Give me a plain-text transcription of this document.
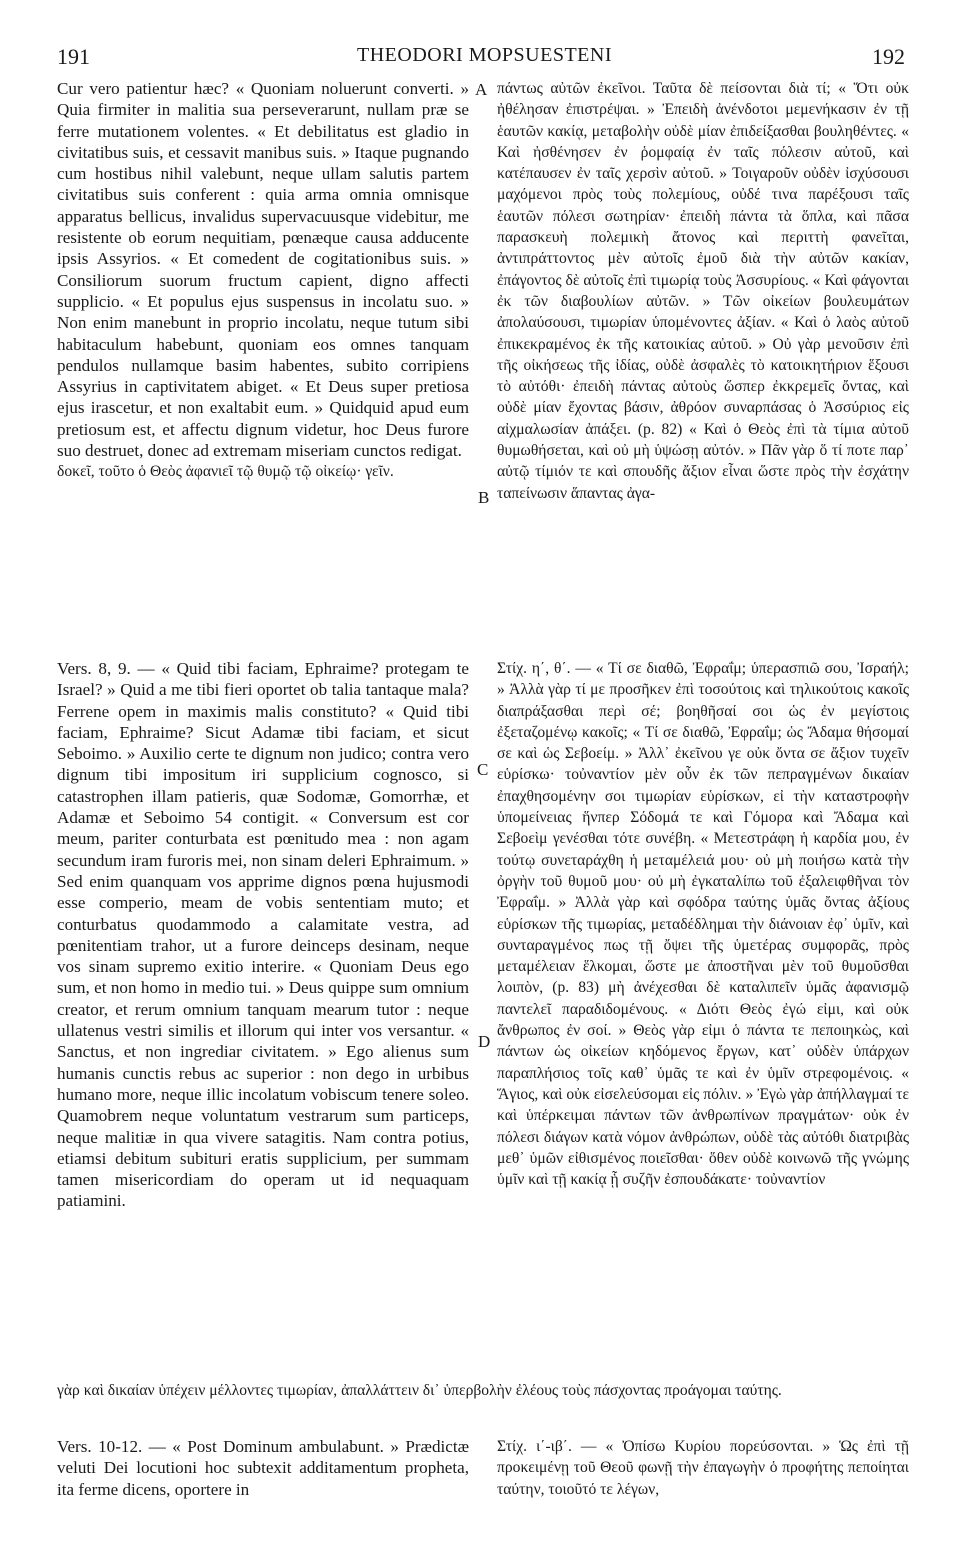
191	THEODORI MOPSUESTENI	192
A
B
C
D

Cur vero patientur hæc? « Quoniam noluerunt converti. » Quia firmiter in malitia sua perseverarunt, nullam præ se ferre mutationem volentes. « Et debilitatus est gladio in civitatibus suis, et cessavit manibus suis. » Itaque pugnando cum hostibus nihil valebunt, neque ullam salutis partem civitatibus suis conferent : quia arma omnia omnisque apparatus bellicus, invalidus supervacuusque videbitur, me resistente ob eorum nequitiam, pœnæque causa adducente ipsis Assyrios. « Et comedent de cogitationibus suis. » Consiliorum suorum fructum capient, digno affecti supplicio. « Et populus ejus suspensus in incolatu suo. » Non enim manebunt in proprio incolatu, neque tutum sibi habitaculum habebunt, quoniam eos omnes tanquam pendulos nullamque basim habentes, subito corripiens Assyrius in captivitatem abiget. « Et Deus super pretiosa ejus irascetur, et non exaltabit eum. » Quidquid apud eum pretiosum est, et affectu dignum videtur, hoc Deus furore suo destruet, donec ad extremam miseriam cunctos redigat.

δοκεῖ, τοῦτο ὁ Θεὸς ἀφανιεῖ τῷ θυμῷ τῷ οἰκείῳ· γεῖν.

πάντως αὐτῶν ἐκεῖνοι. Ταῦτα δὲ πείσονται διὰ τί; « Ὅτι οὐκ ἠθέλησαν ἐπιστρέψαι. » Ἐπειδὴ ἀνένδοτοι μεμενήκασιν ἐν τῇ ἑαυτῶν κακίᾳ, μεταβολὴν οὐδὲ μίαν ἐπιδείξασθαι βουληθέντες. « Καὶ ἠσθένησεν ἐν ῥομφαίᾳ ἐν ταῖς πόλεσιν αὐτοῦ, καὶ κατέπαυσεν ἐν ταῖς χερσὶν αὐτοῦ. » Τοιγαροῦν οὐδὲν ἰσχύσουσι μαχόμενοι πρὸς τοὺς πολεμίους, οὐδέ τινα παρέξουσι ταῖς ἑαυτῶν πόλεσι σωτηρίαν· ἐπειδὴ πάντα τὰ ὅπλα, καὶ πᾶσα παρασκευὴ πολεμικὴ ἄτονος καὶ περιττὴ φανεῖται, ἀντιπράττοντος μὲν αὐτοῖς ἐμοῦ διὰ τὴν αὐτῶν κακίαν, ἐπάγοντος δὲ αὐτοῖς ἐπὶ τιμωρίᾳ τοὺς Ἀσσυρίους. « Καὶ φάγονται ἐκ τῶν διαβουλίων αὐτῶν. » Τῶν οἰκείων βουλευμάτων ἀπολαύσουσι, τιμωρίαν ὑπομένοντες ἀξίαν. « Καὶ ὁ λαὸς αὐτοῦ ἐπικεκραμένος ἐκ τῆς κατοικίας αὐτοῦ. » Οὐ γὰρ μενοῦσιν ἐπὶ τῆς οἰκήσεως τῆς ἰδίας, οὐδὲ ἀσφαλὲς τὸ κατοικητήριον ἕξουσι τὸ αὐτόθι· ἐπειδὴ πάντας αὐτοὺς ὥσπερ ἐκκρεμεῖς ὄντας, καὶ οὐδὲ μίαν ἔχοντας βάσιν, ἀθρόον συναρπάσας ὁ Ἀσσύριος εἰς αἰχμαλωσίαν ἀπάξει. (p. 82) « Καὶ ὁ Θεὸς ἐπὶ τὰ τίμια αὐτοῦ θυμωθήσεται, καὶ οὐ μὴ ὑψώσῃ αὐτόν. » Πᾶν γὰρ ὅ τί ποτε παρ᾽ αὐτῷ τίμιόν τε καὶ σπουδῆς ἄξιον εἶναι ὥστε πρὸς τὴν ἐσχάτην ταπείνωσιν ἅπαντας ἀγα-

Vers. 8, 9. — « Quid tibi faciam, Ephraime? protegam te Israel? » Quid a me tibi fieri oportet ob talia tantaque mala? Ferrene opem in maximis malis constituto? « Quid tibi faciam, Ephraime? Sicut Adamæ tibi faciam, et sicut Seboimo. » Auxilio certe te dignum non judico; contra vero dignum tibi impositum iri supplicium cognosco, si catastrophen illam patieris, quæ Sodomæ, Gomorrhæ, et Adamæ et Seboimo 54 contigit. « Conversum est cor meum, pariter conturbata est pœnitudo mea : non agam secundum iram furoris mei, non sinam deleri Ephraimum. » Sed enim quanquam vos apprime dignos pœna hujusmodi esse comperio, meam de vobis sententiam muto; et conturbatus quodammodo a calamitate vestra, ad pœnitentiam trahor, ut a furore deinceps desinam, neque vos sinam supremo exitio interire. « Quoniam Deus ego sum, et non homo in medio tui. » Deus quippe sum omnium creator, et rerum omnium tanquam mearum tutor : neque ullatenus vestri similis et illorum qui inter vos versantur. « Sanctus, et non ingrediar civitatem. » Ego alienus sum humanis cunctis rebus ac superior : non dego in urbibus humano more, neque illic incolatum vobiscum tenere soleo. Quamobrem neque voluntatum vestrarum sum particeps, neque malitiæ in qua vivere satagitis. Nam contra potius, etiamsi debitum subituri eratis supplicium, per summam tamen misericordiam do operam ut id nequaquam patiamini.

Στίχ. η΄, θ΄. — « Τί σε διαθῶ, Ἐφραΐμ; ὑπερασπιῶ σου, Ἰσραήλ; » Ἀλλὰ γὰρ τί με προσῆκεν ἐπὶ τοσούτοις καὶ τηλικούτοις κακοῖς διαπράξασθαι περὶ σέ; βοηθῆσαί σοι ὡς ἐν μεγίστοις ἐξεταζομένῳ κακοῖς; « Τί σε διαθῶ, Ἐφραΐμ; ὡς Ἄδαμα θήσομαί σε καὶ ὡς Σεβοείμ. » Ἀλλ᾽ ἐκεῖνου γε οὐκ ὄντα σε ἄξιον τυχεῖν εὑρίσκω· τοὐναντίον μὲν οὖν ἐκ τῶν πεπραγμένων δικαίαν ἐπαχθησομένην σοι τιμωρίαν εὑρίσκων, εἰ τὴν καταστροφὴν ὑπομείνειας ἥνπερ Σόδομά τε καὶ Γόμορα καὶ Ἄδαμα καὶ Σεβοεὶμ γενέσθαι τότε συνέβη. « Μετεστράφη ἡ καρδία μου, ἐν τούτῳ συνεταράχθη ἡ μεταμέλειά μου· οὐ μὴ ποιήσω κατὰ τὴν ὀργὴν τοῦ θυμοῦ μου· οὐ μὴ ἐγκαταλίπω τοῦ ἐξαλειφθῆναι τὸν Ἐφραΐμ. » Ἀλλὰ γὰρ καὶ σφόδρα ταύτης ὑμᾶς ὄντας ἀξίους εὑρίσκων τῆς τιμωρίας, μεταδέδλημαι τὴν διάνοιαν ἐφ᾽ ὑμῖν, καὶ συνταραγμένος πως τῇ ὄψει τῆς ὑμετέρας συμφορᾶς, πρὸς μεταμέλειαν ἕλκομαι, ὥστε με ἀποστῆναι μὲν τοῦ θυμοῦσθαι λοιπὸν, (p. 83) μὴ ἀνέχεσθαι δὲ καταλιπεῖν ὑμᾶς ἀφανισμῷ παντελεῖ παραδιδομένους. « Διότι Θεὸς ἐγώ εἰμι, καὶ οὐκ ἄνθρωπος ἐν σοί. » Θεὸς γὰρ εἰμι ὁ πάντα τε πεποιηκὼς, καὶ πάντων ὡς οἰκείων κηδόμενος ἔργων, κατ᾽ οὐδὲν ὑπάρχων παραπλήσιος τοῖς καθ᾽ ὑμᾶς τε καὶ ἐν ὑμῖν στρεφομένοις. « Ἅγιος, καὶ οὐκ εἰσελεύσομαι εἰς πόλιν. » Ἐγὼ γὰρ ἀπήλλαγμαί τε καὶ ὑπέρκειμαι πάντων τῶν ἀνθρωπίνων πραγμάτων· οὐκ ἐν πόλεσι διάγων κατὰ νόμον ἀνθρώπων, οὐδὲ τὰς αὐτόθι διατριβὰς μεθ᾽ ὑμῶν εἰθισμένος ποιεῖσθαι· ὅθεν οὐδὲ κοινωνῶ τῆς γνώμης ὑμῖν καὶ τῇ κακίᾳ ᾗ συζῆν ἐσπουδάκατε· τοὐναντίον

γὰρ καὶ δικαίαν ὑπέχειν μέλλοντες τιμωρίαν, ἀπαλλάττειν δι᾽ ὑπερβολὴν ἐλέους τοὺς πάσχοντας προάγομαι ταύτης.

Vers. 10-12. — « Post Dominum ambulabunt. » Prædictæ veluti Dei locutioni hoc subtexit additamentum propheta, ita ferme dicens, oportere in

Στίχ. ι΄-ιβ΄. — « Ὀπίσω Κυρίου πορεύσονται. » Ὡς ἐπὶ τῇ προκειμένῃ τοῦ Θεοῦ φωνῇ τὴν ἐπαγωγὴν ὁ προφήτης πεποίηται ταύτην, τοιοῦτό τε λέγων,
